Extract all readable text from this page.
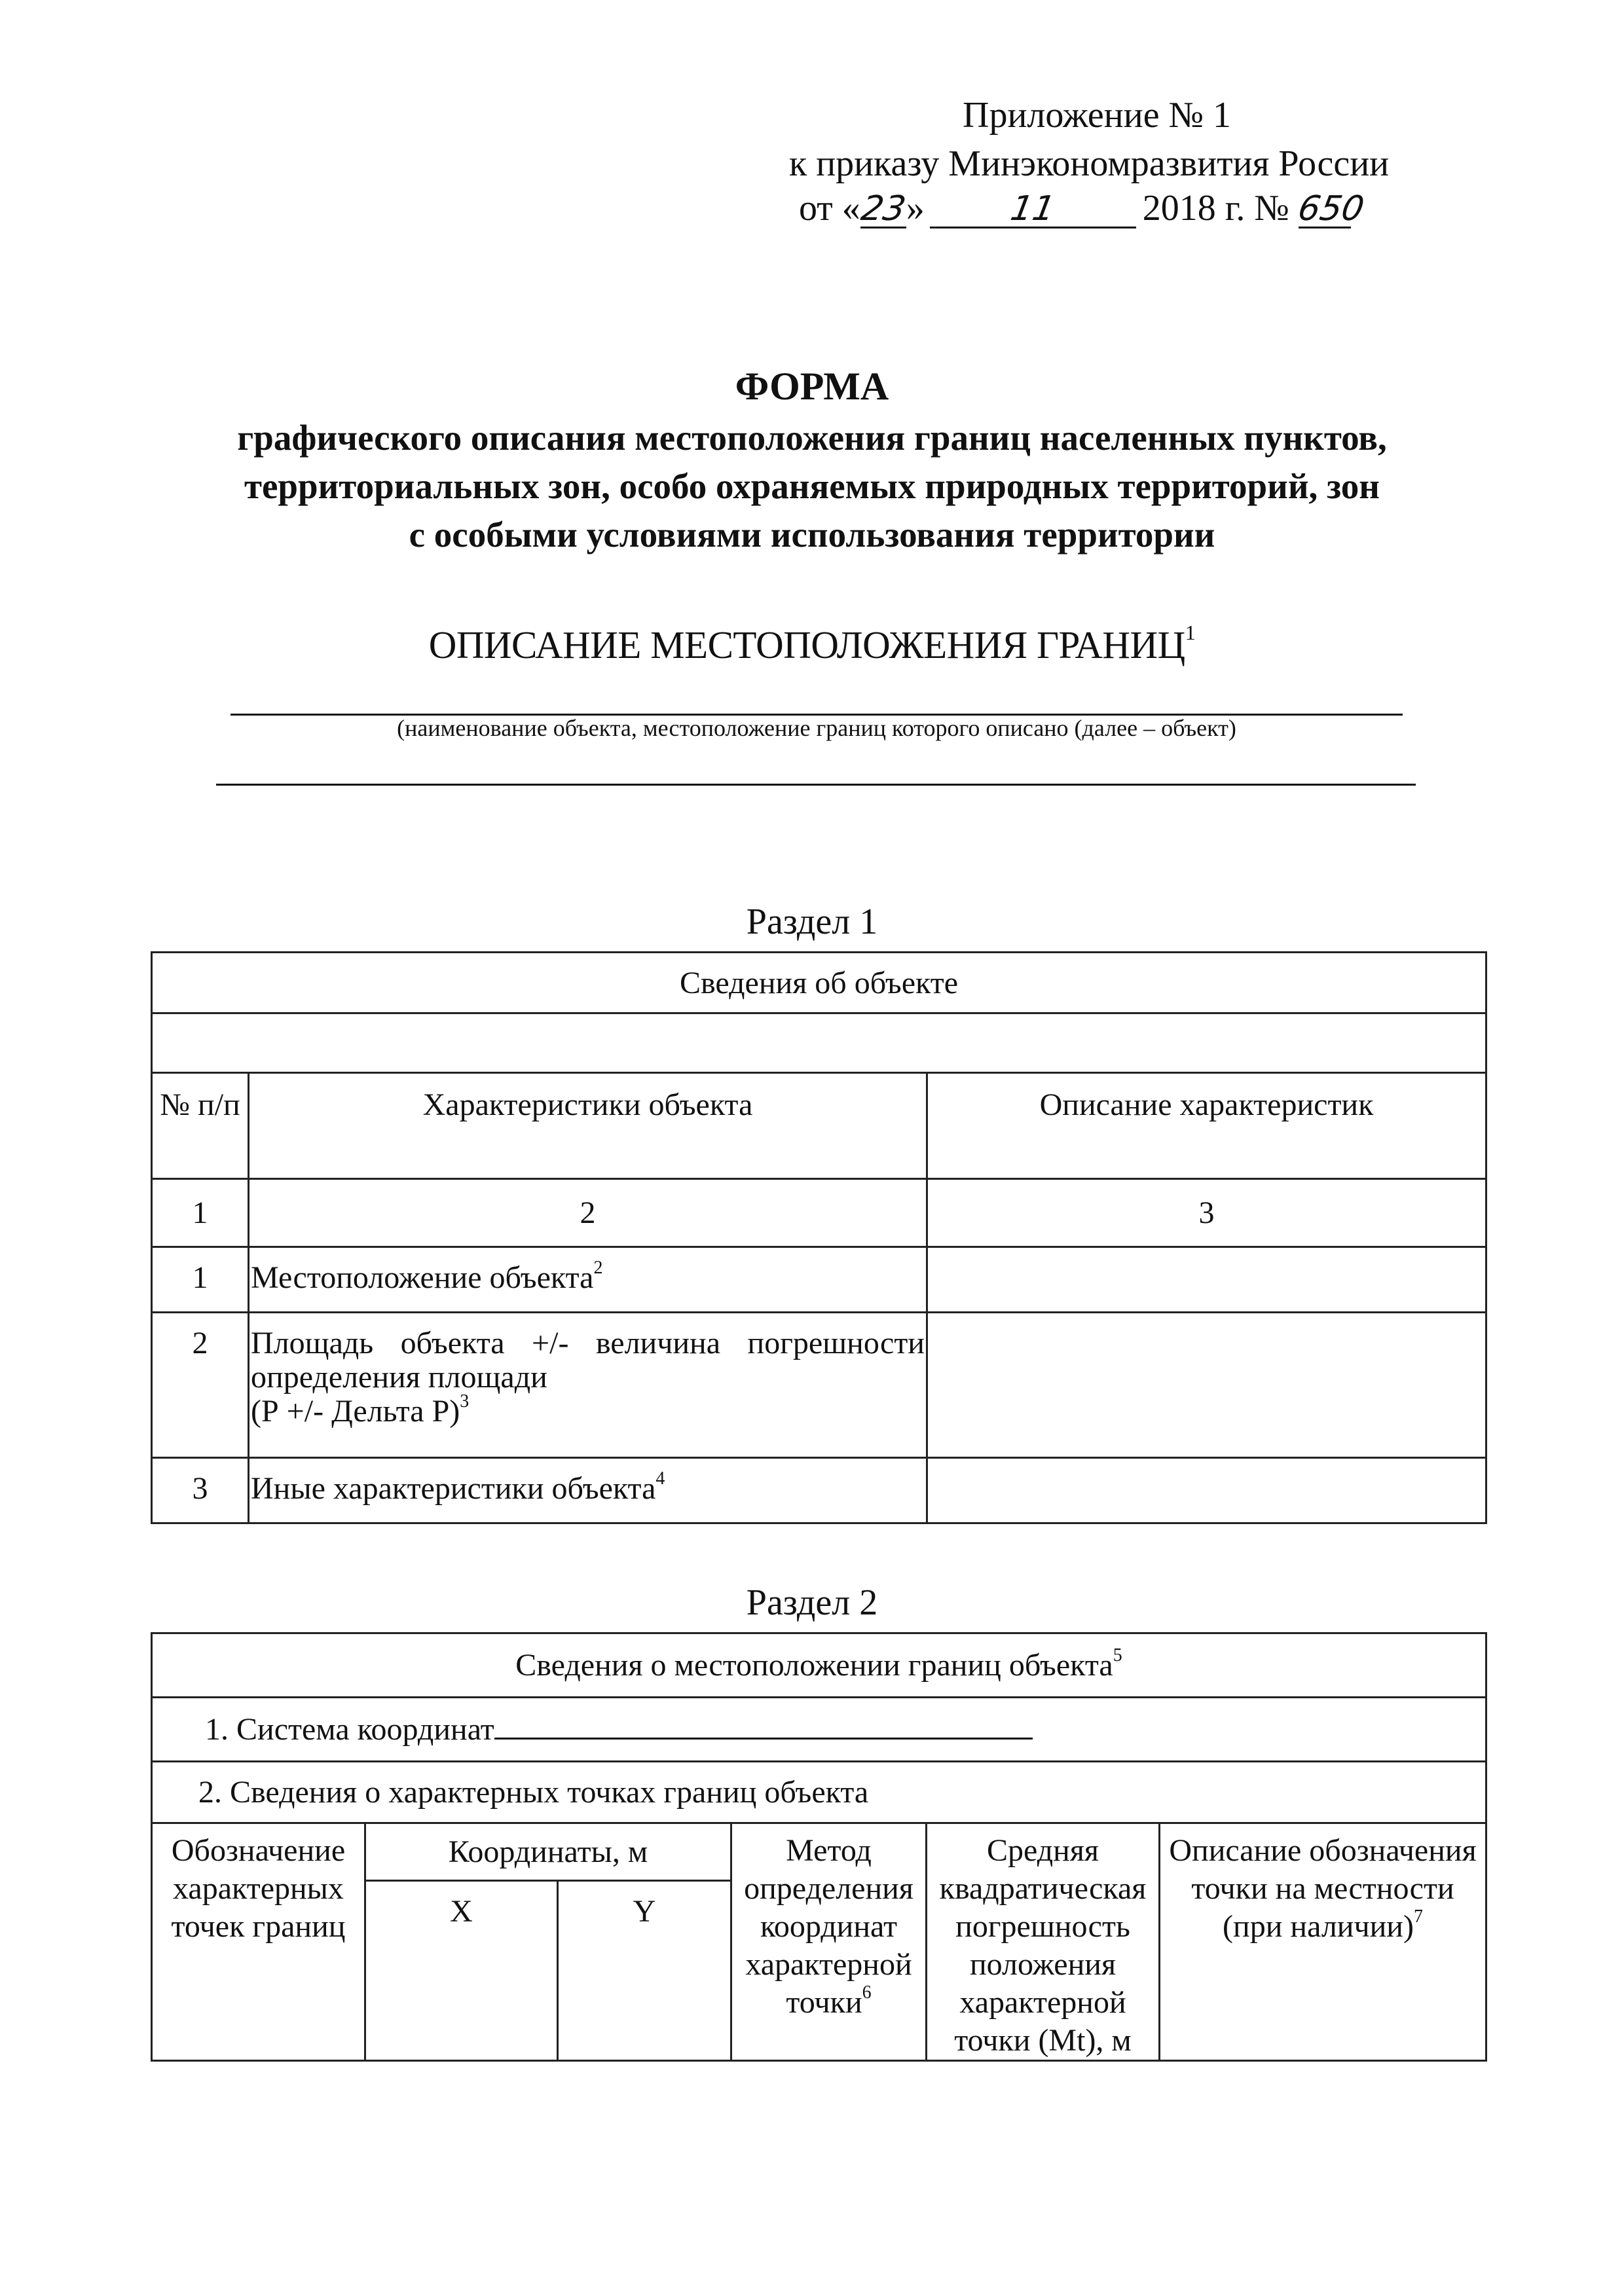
Приложение № 1
к приказу Минэкономразвития России
от «23» 11 2018 г. № 650
ФОРМА
графического описания местоположения границ населенных пунктов,
территориальных зон, особо охраняемых природных территорий, зон
с особыми условиями использования территории
ОПИСАНИЕ МЕСТОПОЛОЖЕНИЯ ГРАНИЦ$^1$
(наименование объекта, местоположение границ которого описано (далее – объект)
Раздел 1
Сведения об объекте		

№ п/п	Характеристики объекта	Описание характеристик
1	2	3
1	Местоположение объекта$^2$	
2	Площадь объекта +/- величина погрешности определения площади
(Р +/- Дельта Р)$^3$	
3	Иные характеристики объекта$^4$	
Раздел 2
Сведения о местоположении границ объекта$^5$
1. Система координат					
2. Сведения о характерных точках границ объекта					
Обозначение характерных точек границ	Координаты, м		Метод определения координат характерной точки$^6$	Средняя квадратическая погрешность положения характерной точки (Mt), м	Описание обозначения точки на местности (при наличии)$^7$
	X	Y			
